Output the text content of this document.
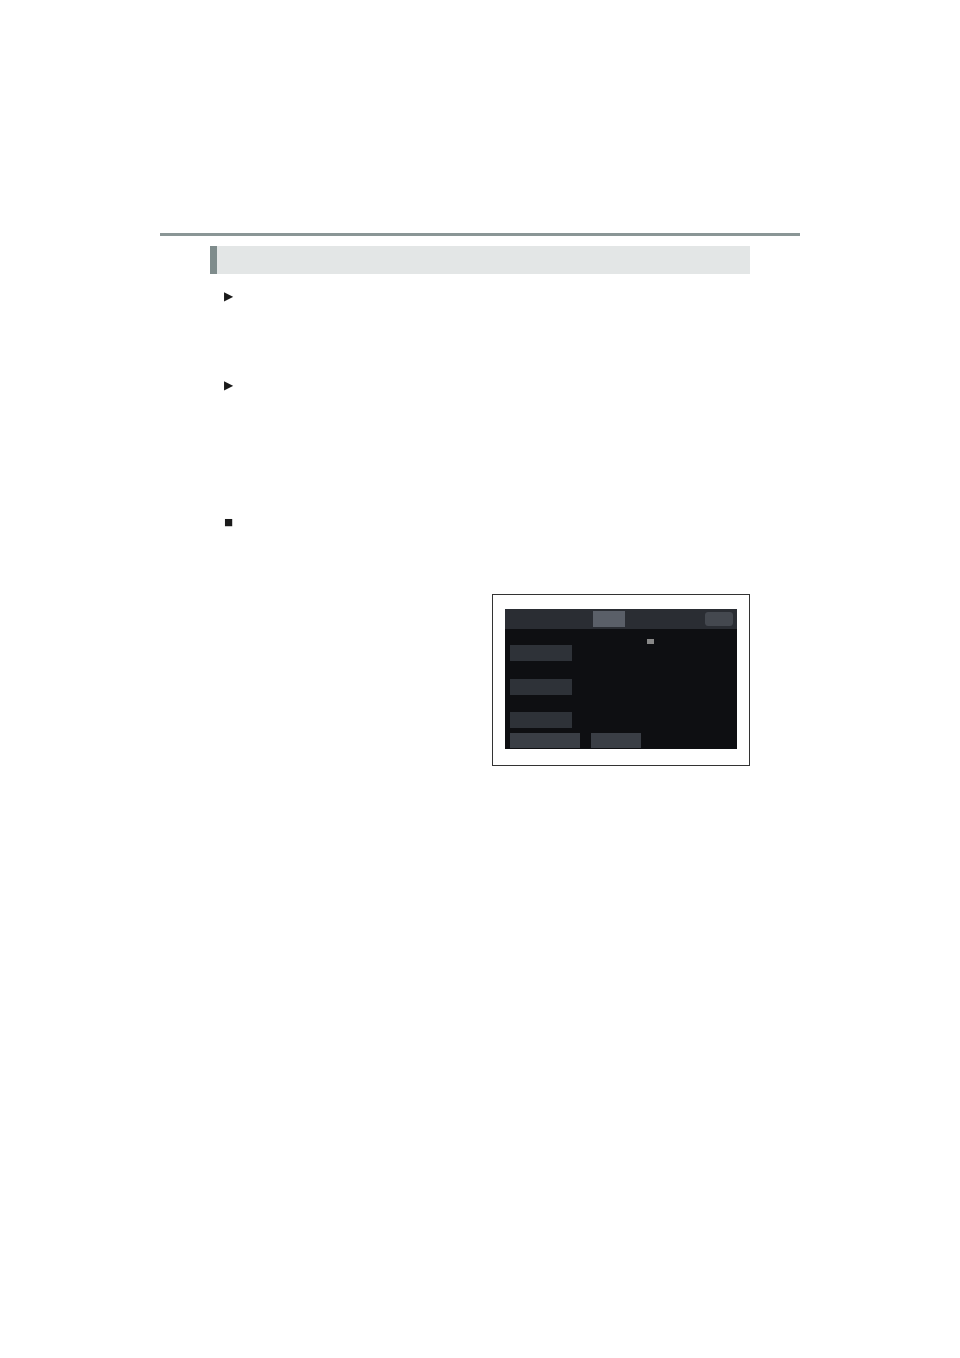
▶
▶
■
